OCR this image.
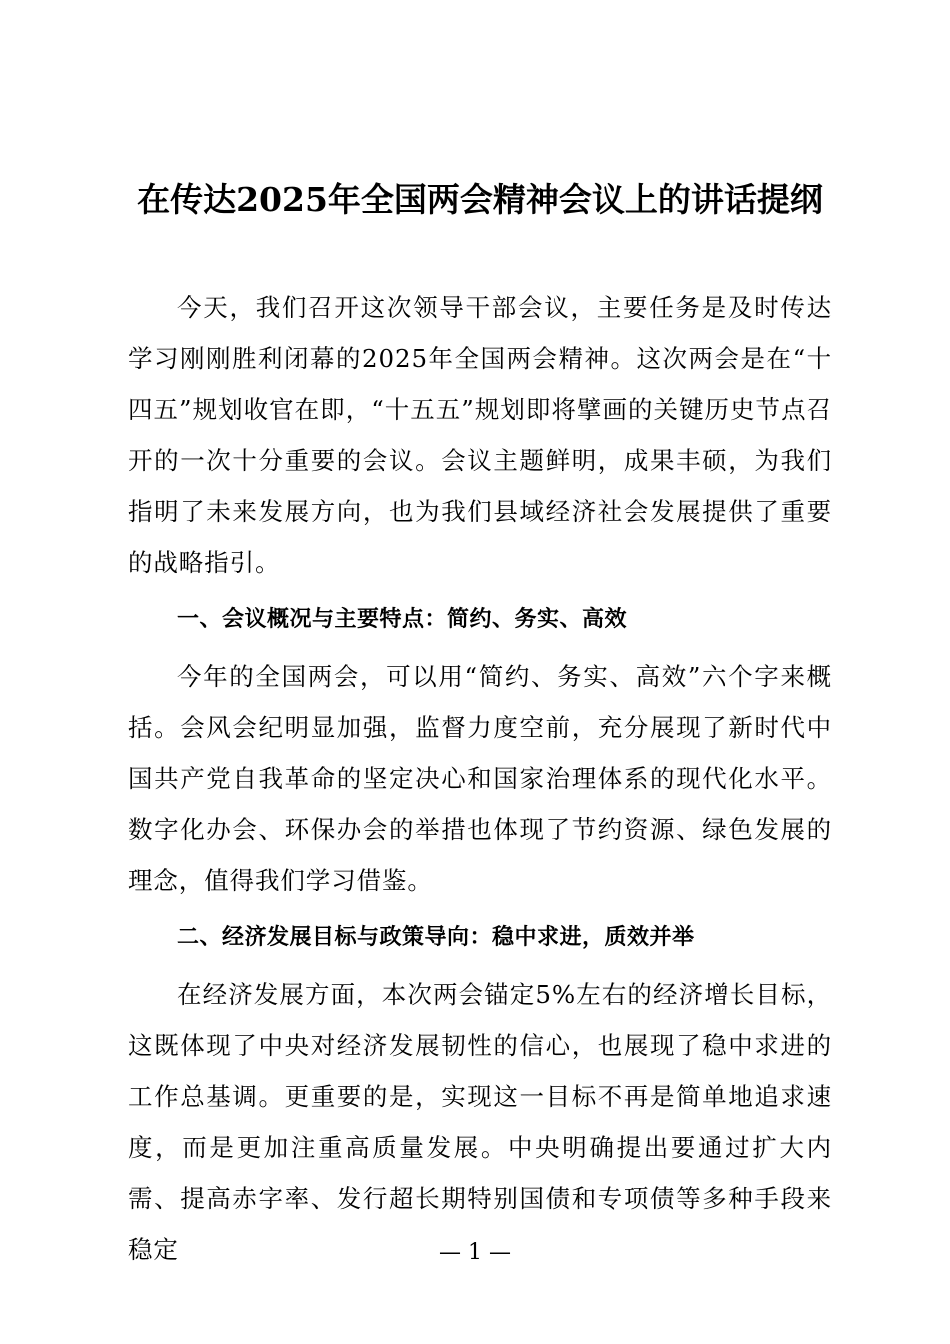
在传达2025年全国两会精神会议上的讲话提纲

今天，我们召开这次领导干部会议，主要任务是及时传达学习刚刚胜利闭幕的2025年全国两会精神。这次两会是在“十四五”规划收官在即，“十五五”规划即将擘画的关键历史节点召开的一次十分重要的会议。会议主题鲜明，成果丰硕，为我们指明了未来发展方向，也为我们县域经济社会发展提供了重要的战略指引。

一、会议概况与主要特点：简约、务实、高效

今年的全国两会，可以用“简约、务实、高效”六个字来概括。会风会纪明显加强，监督力度空前，充分展现了新时代中国共产党自我革命的坚定决心和国家治理体系的现代化水平。数字化办会、环保办会的举措也体现了节约资源、绿色发展的理念，值得我们学习借鉴。

二、经济发展目标与政策导向：稳中求进，质效并举

在经济发展方面，本次两会锚定5%左右的经济增长目标，这既体现了中央对经济发展韧性的信心，也展现了稳中求进的工作总基调。更重要的是，实现这一目标不再是简单地追求速度，而是更加注重高质量发展。中央明确提出要通过扩大内需、提高赤字率、发行超长期特别国债和专项债等多种手段来稳定	— 1 —
